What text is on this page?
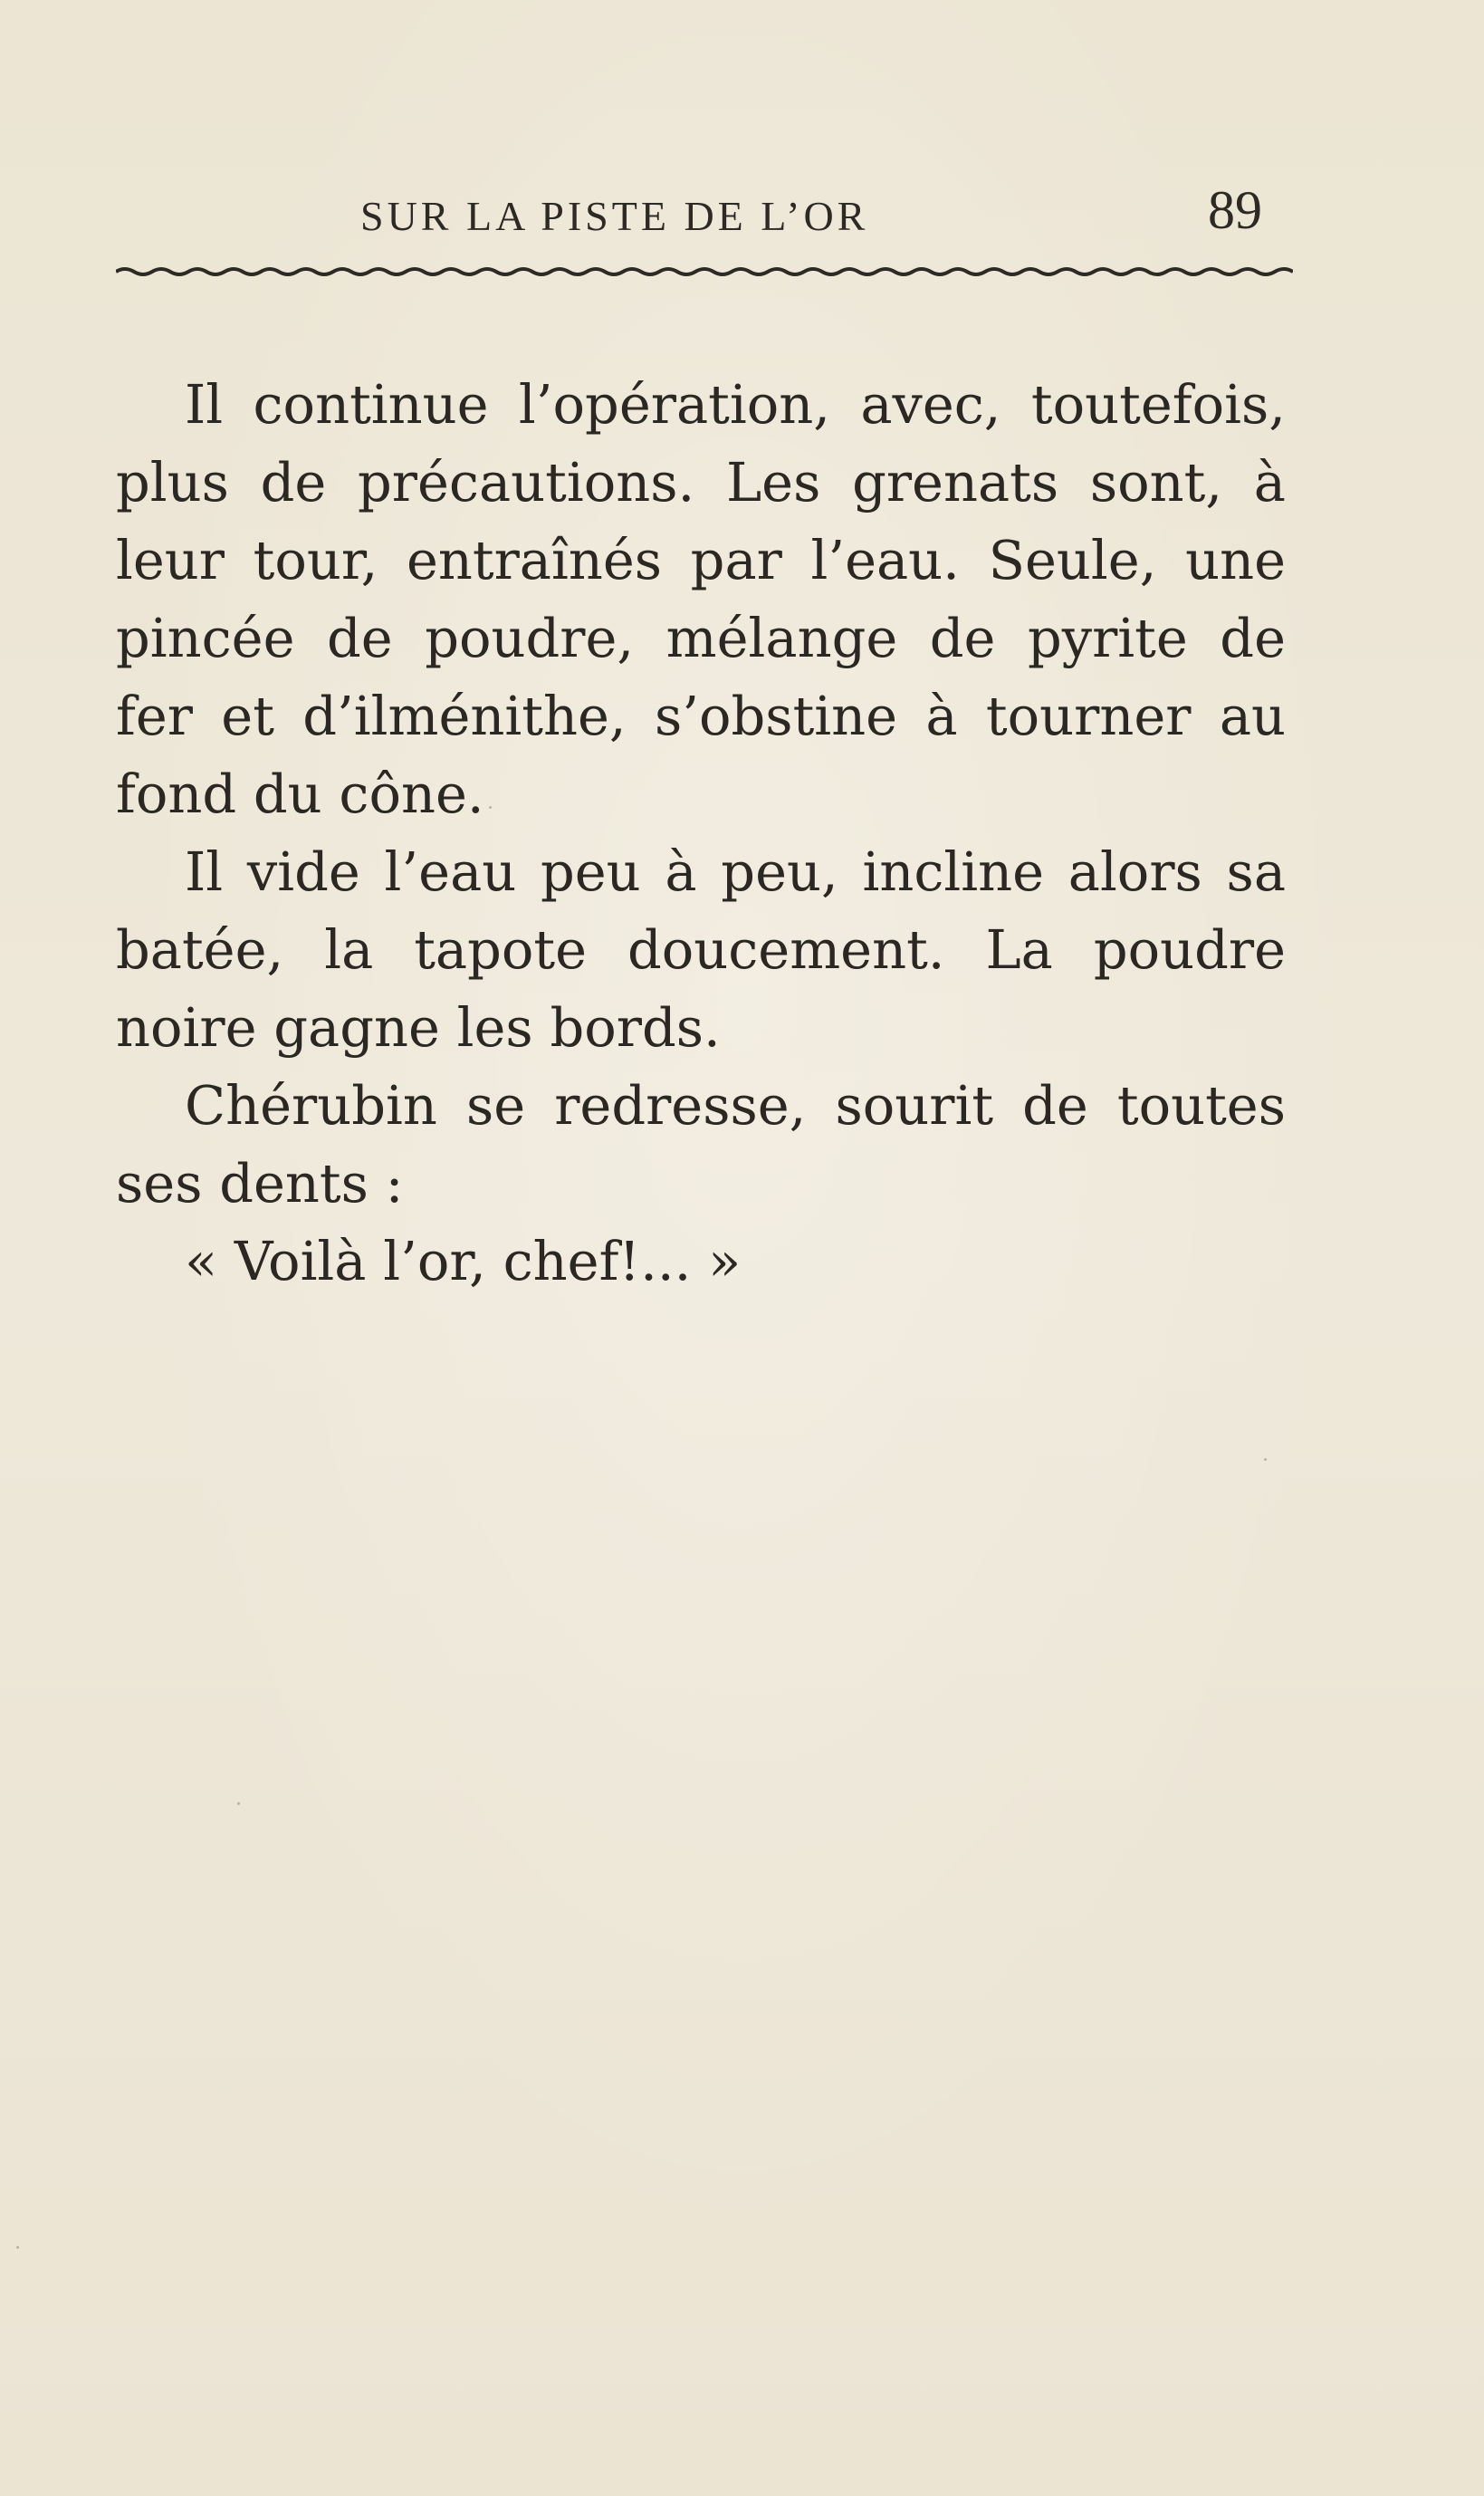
SUR LA PISTE DE L’OR	89

Il continue l’opération, avec, toutefois, plus de précautions. Les grenats sont, à leur tour, entraînés par l’eau. Seule, une pincée de poudre, mélange de pyrite de fer et d’ilménithe, s’obstine à tourner au fond du cône.

Il vide l’eau peu à peu, incline alors sa batée, la tapote doucement. La poudre noire gagne les bords.

Chérubin se redresse, sourit de toutes ses dents :

« Voilà l’or, chef!... »
